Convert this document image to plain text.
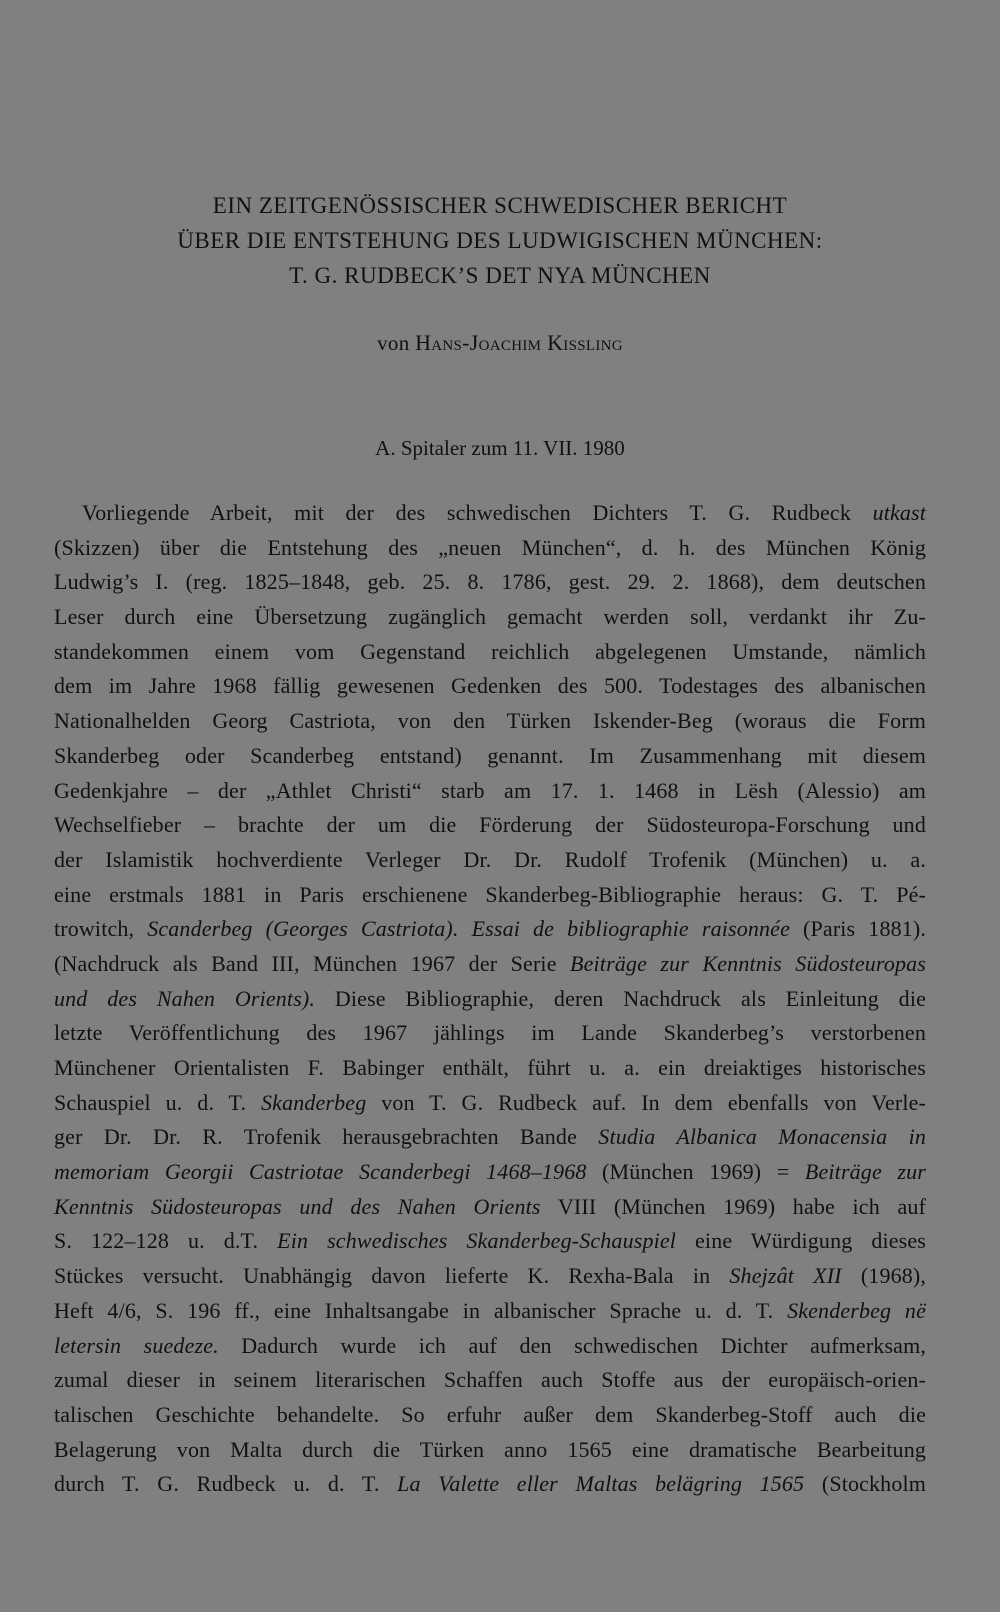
EIN ZEITGENÖSSISCHER SCHWEDISCHER BERICHT
ÜBER DIE ENTSTEHUNG DES LUDWIGISCHEN MÜNCHEN:
T. G. RUDBECK’S DET NYA MÜNCHEN
von Hans-Joachim Kissling
A. Spitaler zum 11. VII. 1980
Vorliegende Arbeit, mit der des schwedischen Dichters T. G. Rudbeck utkast
(Skizzen) über die Entstehung des „neuen München“, d. h. des München König
Ludwig’s I. (reg. 1825–1848, geb. 25. 8. 1786, gest. 29. 2. 1868), dem deutschen
Leser durch eine Übersetzung zugänglich gemacht werden soll, verdankt ihr Zu-
standekommen einem vom Gegenstand reichlich abgelegenen Umstande, nämlich
dem im Jahre 1968 fällig gewesenen Gedenken des 500. Todestages des albanischen
Nationalhelden Georg Castriota, von den Türken Iskender-Beg (woraus die Form
Skanderbeg oder Scanderbeg entstand) genannt. Im Zusammenhang mit diesem
Gedenkjahre – der „Athlet Christi“ starb am 17. 1. 1468 in Lësh (Alessio) am
Wechselfieber – brachte der um die Förderung der Südosteuropa-Forschung und
der Islamistik hochverdiente Verleger Dr. Dr. Rudolf Trofenik (München) u. a.
eine erstmals 1881 in Paris erschienene Skanderbeg-Bibliographie heraus: G. T. Pé-
trowitch, Scanderbeg (Georges Castriota). Essai de bibliographie raisonnée (Paris 1881).
(Nachdruck als Band III, München 1967 der Serie Beiträge zur Kenntnis Südosteuropas
und des Nahen Orients). Diese Bibliographie, deren Nachdruck als Einleitung die
letzte Veröffentlichung des 1967 jählings im Lande Skanderbeg’s verstorbenen
Münchener Orientalisten F. Babinger enthält, führt u. a. ein dreiaktiges historisches
Schauspiel u. d. T. Skanderbeg von T. G. Rudbeck auf. In dem ebenfalls von Verle-
ger Dr. Dr. R. Trofenik herausgebrachten Bande Studia Albanica Monacensia in
memoriam Georgii Castriotae Scanderbegi 1468–1968 (München 1969) = Beiträge zur
Kenntnis Südosteuropas und des Nahen Orients VIII (München 1969) habe ich auf
S. 122–128 u. d.T. Ein schwedisches Skanderbeg-Schauspiel eine Würdigung dieses
Stückes versucht. Unabhängig davon lieferte K. Rexha-Bala in Shejzât XII (1968),
Heft 4/6, S. 196 ff., eine Inhaltsangabe in albanischer Sprache u. d. T. Skenderbeg në
letersin suedeze. Dadurch wurde ich auf den schwedischen Dichter aufmerksam,
zumal dieser in seinem literarischen Schaffen auch Stoffe aus der europäisch-orien-
talischen Geschichte behandelte. So erfuhr außer dem Skanderbeg-Stoff auch die
Belagerung von Malta durch die Türken anno 1565 eine dramatische Bearbeitung
durch T. G. Rudbeck u. d. T. La Valette eller Maltas belägring 1565 (Stockholm
